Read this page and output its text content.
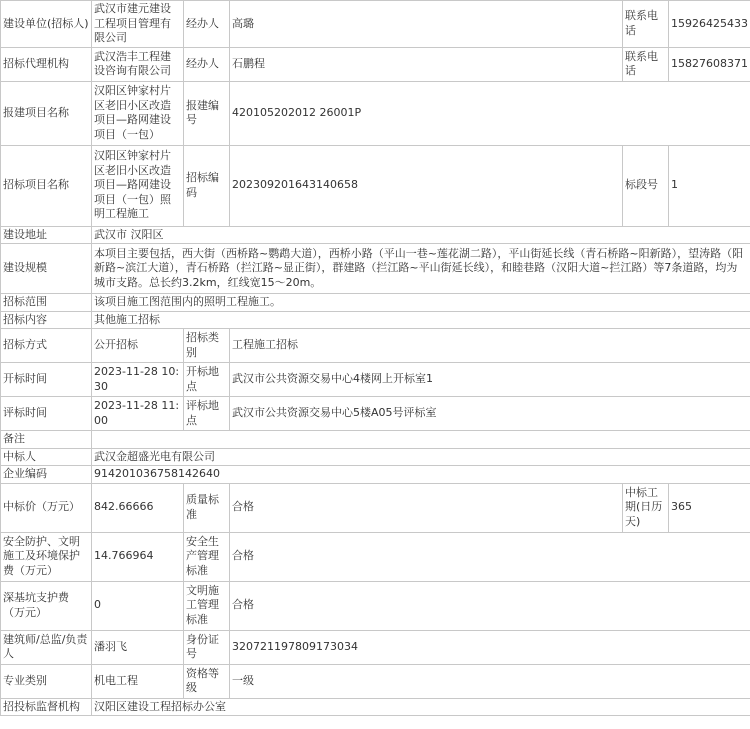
建设单位(招标人)	武汉市建元建设工程项目管理有限公司	经办人	高璐	联系电话	15926425433
招标代理机构	武汉浩丰工程建设咨询有限公司	经办人	石鹏程	联系电话	15827608371
报建项目名称	汉阳区钟家村片区老旧小区改造项目—路网建设项目（一包）	报建编号	420105202012 26001P		
招标项目名称	汉阳区钟家村片区老旧小区改造项目—路网建设项目（一包）照明工程施工	招标编码	202309201643140658	标段号	1
建设地址	武汉市 汉阳区				
建设规模	本项目主要包括，西大街（西桥路~鹦鹉大道），西桥小路（平山一巷~莲花湖二路），平山街延长线（青石桥路~阳新路），望涛路（阳新路~滨江大道），青石桥路（拦江路~显正街），群建路（拦江路~平山街延长线），和睦巷路（汉阳大道~拦江路）等7条道路，均为城市支路。总长约3.2km，红线宽15～20m。				
招标范围	该项目施工图范围内的照明工程施工。				
招标内容	其他施工招标				
招标方式	公开招标	招标类别	工程施工招标		
开标时间	2023-11-28 10:30	开标地点	武汉市公共资源交易中心4楼网上开标室1		
评标时间	2023-11-28 11:00	评标地点	武汉市公共资源交易中心5楼A05号评标室		
备注					
中标人	武汉金超盛光电有限公司				
企业编码	914201036758142640				
中标价（万元）	842.66666	质量标准	合格	中标工期(日历天)	365
安全防护、文明施工及环境保护费（万元）	14.766964	安全生产管理标准	合格		
深基坑支护费（万元）	0	文明施工管理标准	合格		
建筑师/总监/负责人	潘羽飞	身份证号	320721197809173034		
专业类别	机电工程	资格等级	一级		
招投标监督机构	汉阳区建设工程招标办公室				
